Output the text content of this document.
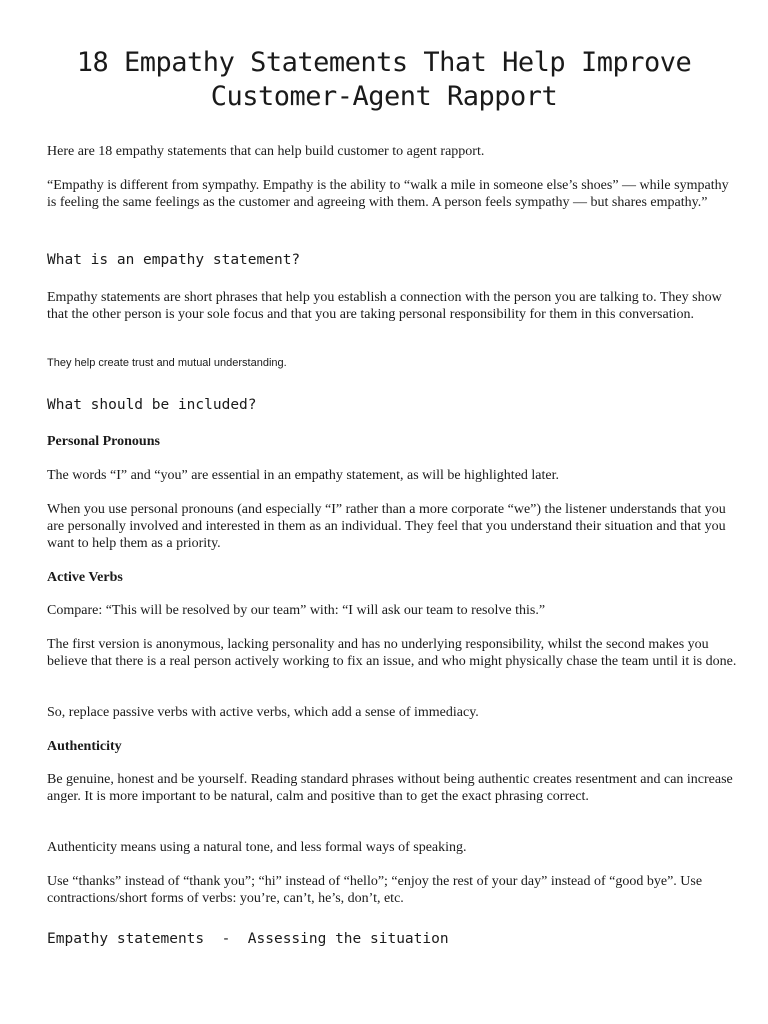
18 Empathy Statements That Help Improve Customer-Agent Rapport

Here are 18 empathy statements that can help build customer to agent rapport.

“Empathy is different from sympathy. Empathy is the ability to “walk a mile in someone else’s shoes” — while sympathy is feeling the same feelings as the customer and agreeing with them. A person feels sympathy — but shares empathy.”

What is an empathy statement?

Empathy statements are short phrases that help you establish a connection with the person you are talking to. They show that the other person is your sole focus and that you are taking personal responsibility for them in this conversation.

They help create trust and mutual understanding.

What should be included?
Personal Pronouns

The words “I” and “you” are essential in an empathy statement, as will be highlighted later.

When you use personal pronouns (and especially “I” rather than a more corporate “we”) the listener understands that you are personally involved and interested in them as an individual. They feel that you understand their situation and that you want to help them as a priority.

Active Verbs

Compare: “This will be resolved by our team” with: “I will ask our team to resolve this.”

The first version is anonymous, lacking personality and has no underlying responsibility, whilst the second makes you believe that there is a real person actively working to fix an issue, and who might physically chase the team until it is done.

So, replace passive verbs with active verbs, which add a sense of immediacy.

Authenticity

Be genuine, honest and be yourself. Reading standard phrases without being authentic creates resentment and can increase anger. It is more important to be natural, calm and positive than to get the exact phrasing correct.

Authenticity means using a natural tone, and less formal ways of speaking.

Use “thanks” instead of “thank you”; “hi” instead of “hello”; “enjoy the rest of your day” instead of “good bye”. Use contractions/short forms of verbs: you’re, can’t, he’s, don’t, etc.

Empathy statements  -  Assessing the situation
